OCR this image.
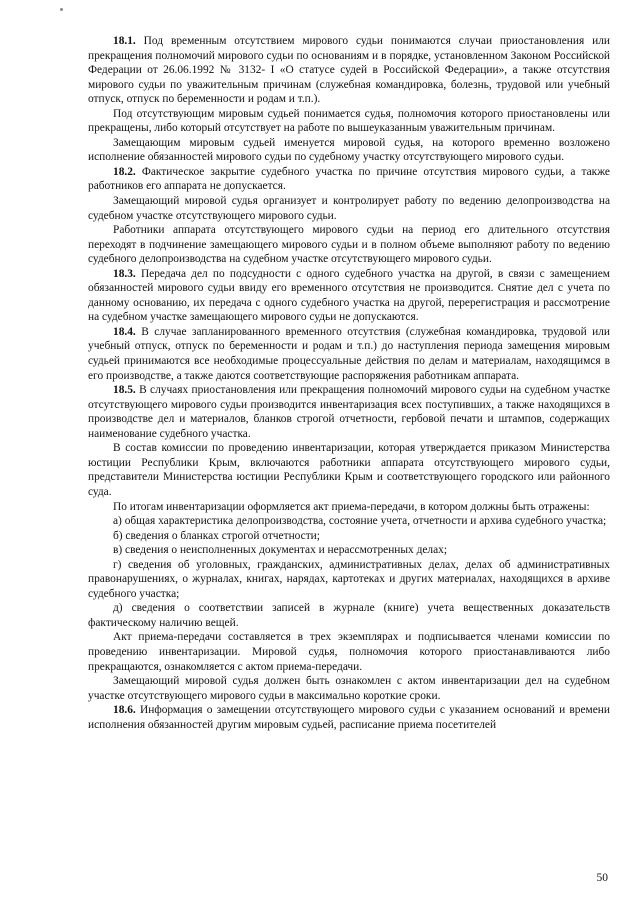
18.1. Под временным отсутствием мирового судьи понимаются случаи приостановления или прекращения полномочий мирового судьи по основаниям и в порядке, установленном Законом Российской Федерации от 26.06.1992 № 3132- I «О статусе судей в Российской Федерации», а также отсутствия мирового судьи по уважительным причинам (служебная командировка, болезнь, трудовой или учебный отпуск, отпуск по беременности и родам и т.п.).

Под отсутствующим мировым судьей понимается судья, полномочия которого приостановлены или прекращены, либо который отсутствует на работе по вышеуказанным уважительным причинам.

Замещающим мировым судьей именуется мировой судья, на которого временно возложено исполнение обязанностей мирового судьи по судебному участку отсутствующего мирового судьи.

18.2. Фактическое закрытие судебного участка по причине отсутствия мирового судьи, а также работников его аппарата не допускается.

Замещающий мировой судья организует и контролирует работу по ведению делопроизводства на судебном участке отсутствующего мирового судьи.

Работники аппарата отсутствующего мирового судьи на период его длительного отсутствия переходят в подчинение замещающего мирового судьи и в полном объеме выполняют работу по ведению судебного делопроизводства на судебном участке отсутствующего мирового судьи.

18.3. Передача дел по подсудности с одного судебного участка на другой, в связи с замещением обязанностей мирового судьи ввиду его временного отсутствия не производится. Снятие дел с учета по данному основанию, их передача с одного судебного участка на другой, перерегистрация и рассмотрение на судебном участке замещающего мирового судьи не допускаются.

18.4. В случае запланированного временного отсутствия (служебная командировка, трудовой или учебный отпуск, отпуск по беременности и родам и т.п.) до наступления периода замещения мировым судьей принимаются все необходимые процессуальные действия по делам и материалам, находящимся в его производстве, а также даются соответствующие распоряжения работникам аппарата.

18.5. В случаях приостановления или прекращения полномочий мирового судьи на судебном участке отсутствующего мирового судьи производится инвентаризация всех поступивших, а также находящихся в производстве дел и материалов, бланков строгой отчетности, гербовой печати и штампов, содержащих наименование судебного участка.

В состав комиссии по проведению инвентаризации, которая утверждается приказом Министерства юстиции Республики Крым, включаются работники аппарата отсутствующего мирового судьи, представители Министерства юстиции Республики Крым и соответствующего городского или районного суда.

По итогам инвентаризации оформляется акт приема-передачи, в котором должны быть отражены:

а) общая характеристика делопроизводства, состояние учета, отчетности и архива судебного участка;

б) сведения о бланках строгой отчетности;

в) сведения о неисполненных документах и нерассмотренных делах;

г) сведения об уголовных, гражданских, административных делах, делах об административных правонарушениях, о журналах, книгах, нарядах, картотеках и других материалах, находящихся в архиве судебного участка;

д) сведения о соответствии записей в журнале (книге) учета вещественных доказательств фактическому наличию вещей.

Акт приема-передачи составляется в трех экземплярах и подписывается членами комиссии по проведению инвентаризации. Мировой судья, полномочия которого приостанавливаются либо прекращаются, ознакомляется с актом приема-передачи.

Замещающий мировой судья должен быть ознакомлен с актом инвентаризации дел на судебном участке отсутствующего мирового судьи в максимально короткие сроки.

18.6. Информация о замещении отсутствующего мирового судьи с указанием оснований и времени исполнения обязанностей другим мировым судьей, расписание приема посетителей

50
